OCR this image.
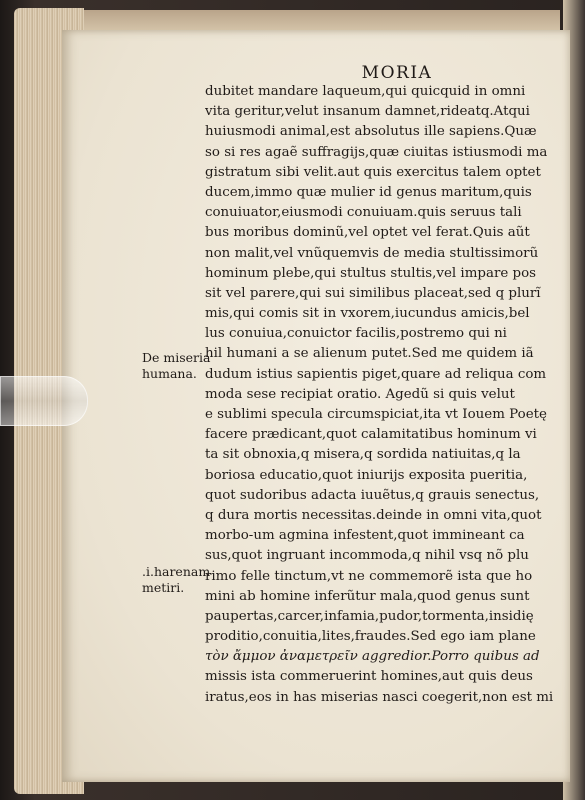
MORIA
dubitet mandare laqueum,qui quicquid in omni
vita geritur,velut insanum damnet,rideatq.Atqui
huiusmodi animal,est absolutus ille sapiens.Quæ
so si res agaẽ suffragijs,quæ ciuitas istiusmodi ma
gistratum sibi velit.aut quis exercitus talem optet
ducem,immo quæ mulier id genus maritum,quis
conuiuator,eiusmodi conuiuam.quis seruus tali
bus moribus dominũ,vel optet vel ferat.Quis aũt
non malit,vel vnũquemvis de media stultissimorũ
hominum plebe,qui stultus stultis,vel impare pos
sit vel parere,qui sui similibus placeat,sed q plurĩ
mis,qui comis sit in vxorem,iucundus amicis,bel
lus conuiua,conuictor facilis,postremo qui ni
hil humani a se alienum putet.Sed me quidem iã
dudum istius sapientis piget,quare ad reliqua com
moda sese recipiat oratio. Agedũ si quis velut
e sublimi specula circumspiciat,ita vt Iouem Poetę
facere prædicant,quot calamitatibus hominum vi
ta sit obnoxia,q misera,q sordida natiuitas,q la
boriosa educatio,quot iniurijs exposita pueritia,
quot sudoribus adacta iuuẽtus,q grauis senectus,
q dura mortis necessitas.deinde in omni vita,quot
morbo-um agmina infestent,quot immineant ca
sus,quot ingruant incommoda,q nihil vsq nõ plu
rimo felle tinctum,vt ne commemorẽ ista que ho
mini ab homine inferũtur mala,quod genus sunt
paupertas,carcer,infamia,pudor,tormenta,insidię
proditio,conuitia,lites,fraudes.Sed ego iam plane
τὸν ἄμμον ἀναμετρεῖν aggredior.Porro quibus ad
missis ista commeruerint homines,aut quis deus
iratus,eos in has miserias nasci coegerit,non est mi
De miseria
humana.
.i.harenam
metiri.
